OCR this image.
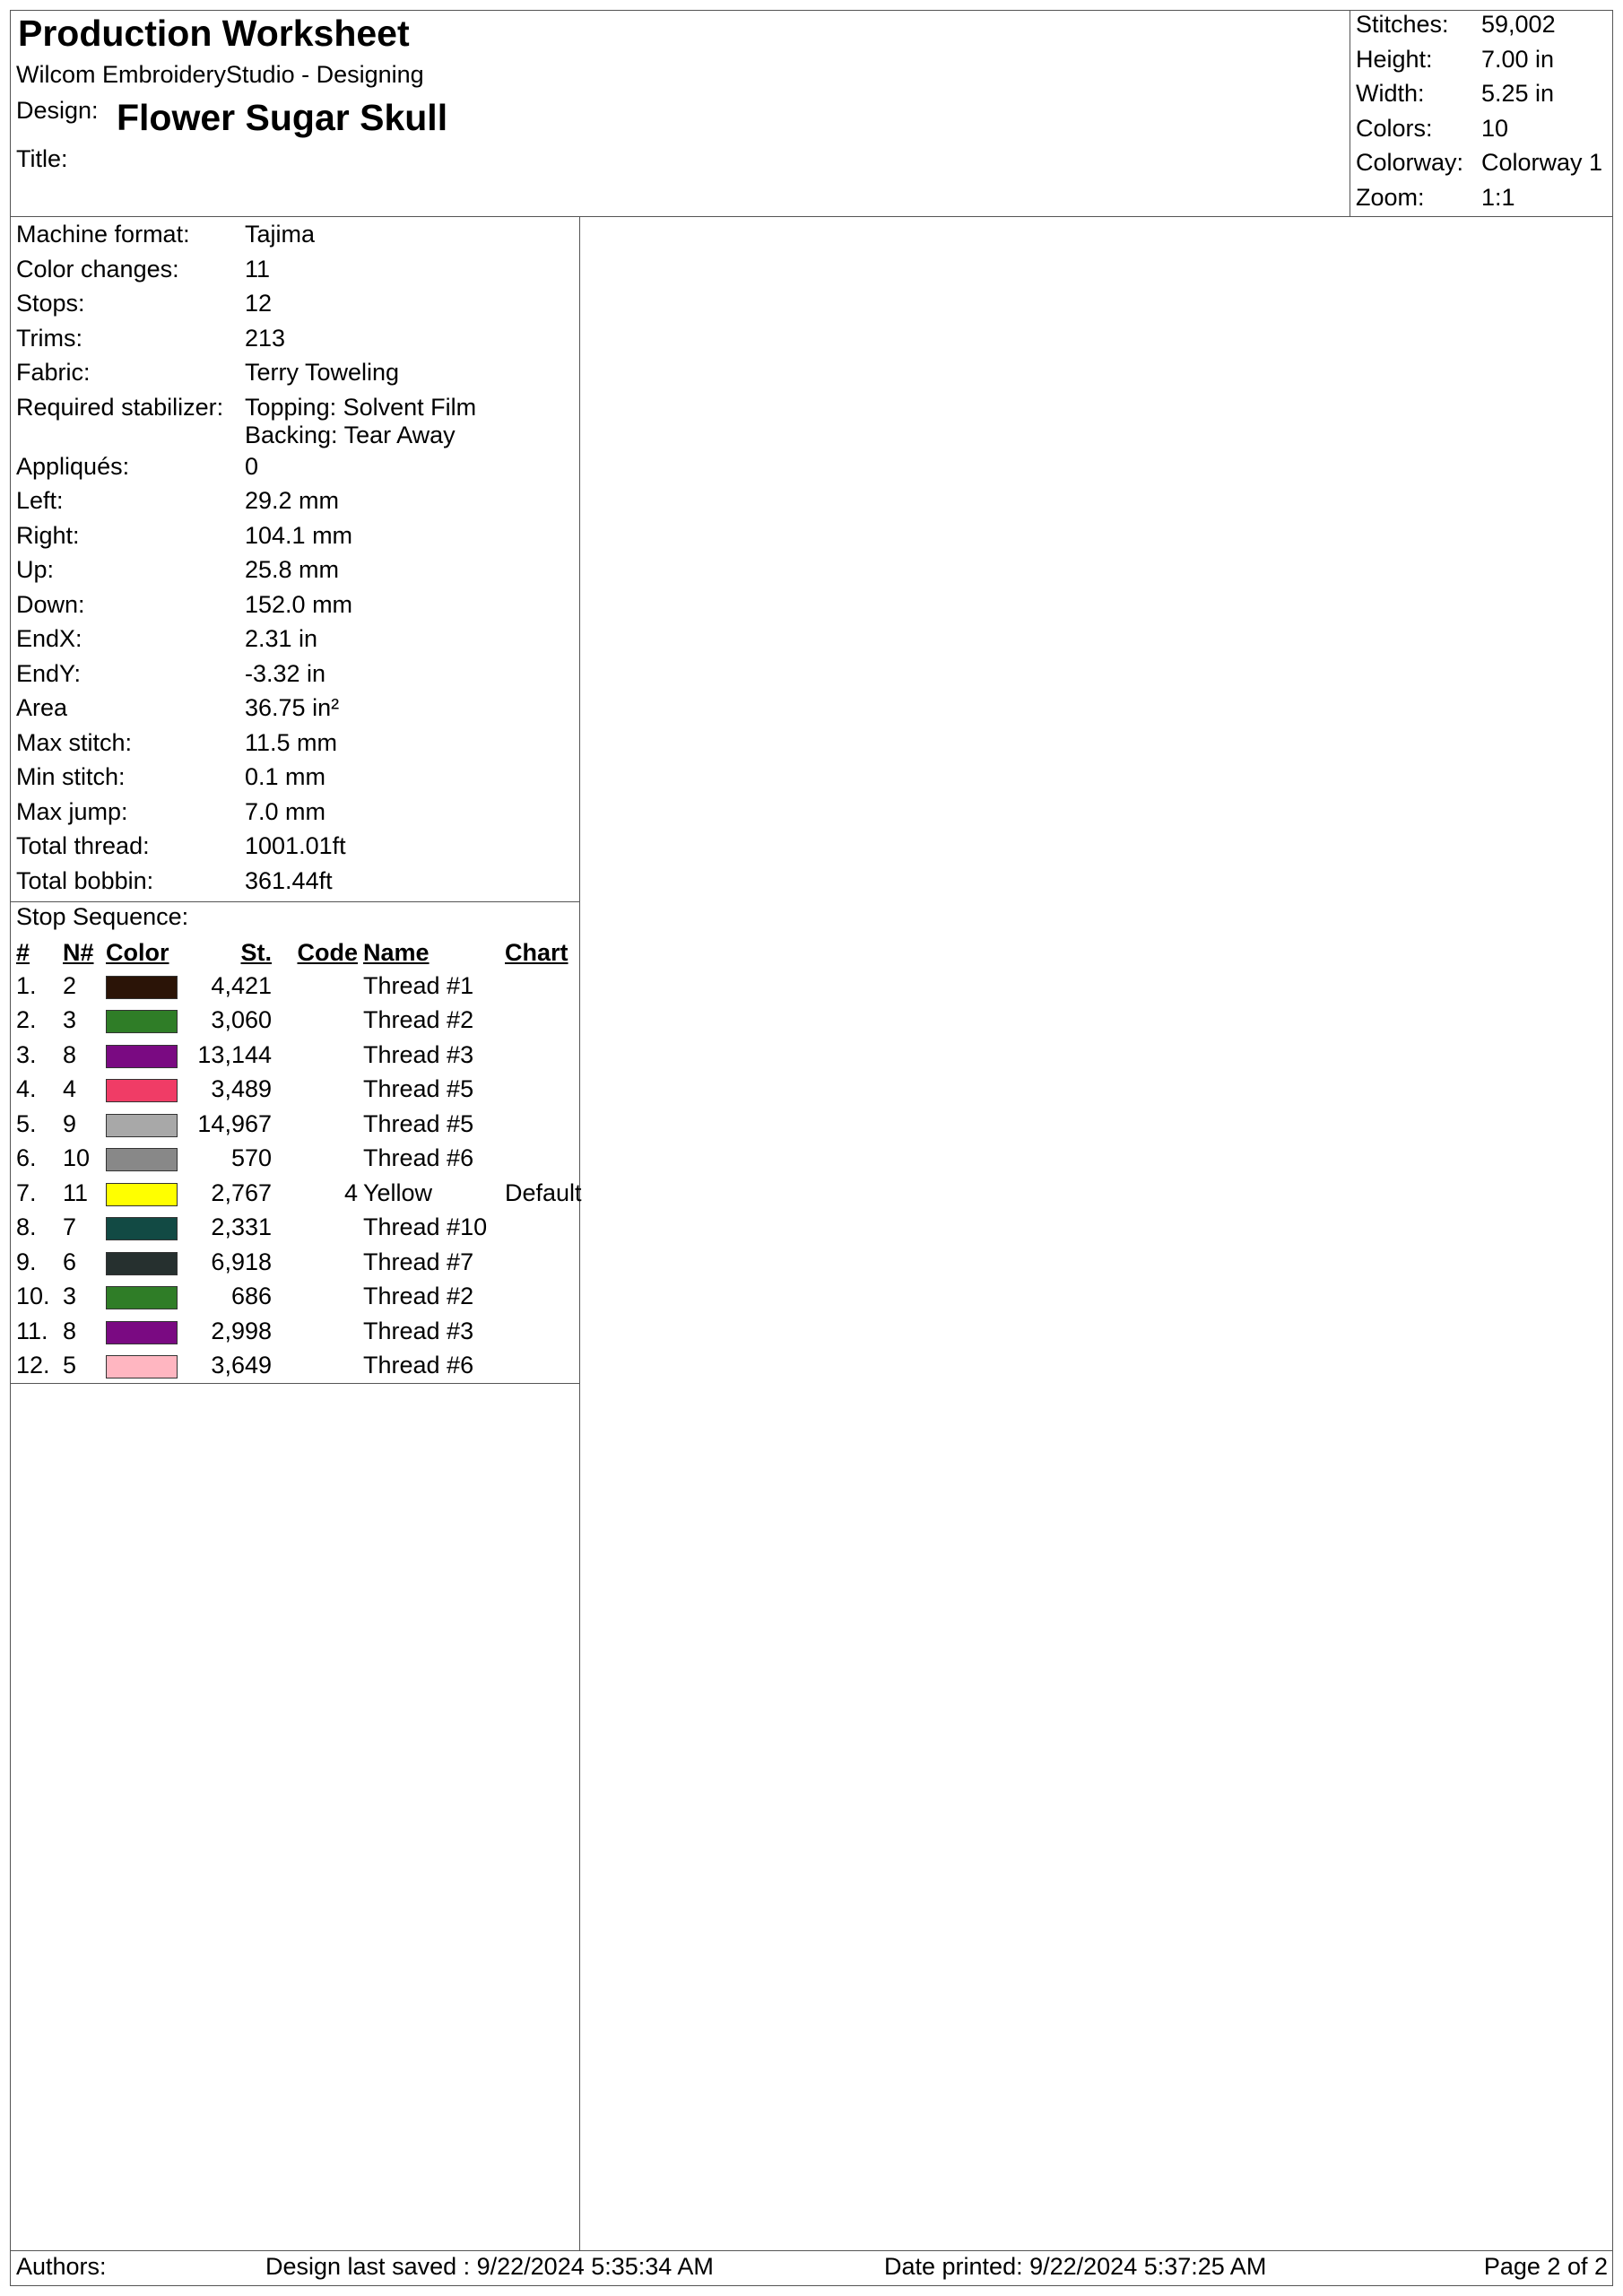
Production Worksheet
Wilcom EmbroideryStudio - Designing
Design: Flower Sugar Skull
Title:
Stitches:	59,002
Height:	7.00 in
Width:	5.25 in
Colors:	10
Colorway: Colorway 1
Zoom:	1:1
Machine format:	Tajima
Color changes:	11
Stops:	12
Trims:	213
Fabric:	Terry Toweling
Required stabilizer: Topping: Solvent Film
Backing: Tear Away
Appliqués:	0
Left:	29.2 mm
Right:	104.1 mm
Up:	25.8 mm
Down:	152.0 mm
EndX:	2.31 in
EndY:	-3.32 in
Area	36.75 in²
Max stitch:	11.5 mm
Min stitch:	0.1 mm
Max jump:	7.0 mm
Total thread:	1001.01ft
Total bobbin:	361.44ft
Stop Sequence:
#	N#	Color	St.	Code	Name	Chart
1.	2		4,421		Thread #1	
2.	3		3,060		Thread #2	
3.	8		13,144		Thread #3	
4.	4		3,489		Thread #5	
5.	9		14,967		Thread #5	
6.	10		570		Thread #6	
7.	11		2,767	4	Yellow	Default
8.	7		2,331		Thread #10	
9.	6		6,918		Thread #7	
10.	3		686		Thread #2	
11.	8		2,998		Thread #3	
12.	5		3,649		Thread #6	
Authors:	Design last saved : 9/22/2024 5:35:34 AM	Date printed: 9/22/2024 5:37:25 AM	Page 2 of 2
